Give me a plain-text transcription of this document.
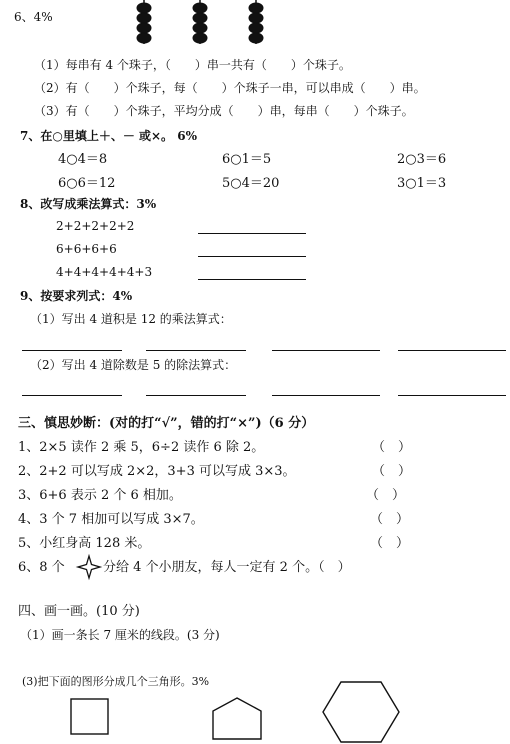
6、4%
（1）每串有 4 个珠子，（　　）串一共有（　　）个珠子。
（2）有（　　）个珠子，每（　　）个珠子一串，可以串成（　　）串。
（3）有（　　）个珠子，平均分成（　　）串，每串（　　）个珠子。
7、在○里填上＋、－ 或×。 6%
4○4＝8	6○1＝5	2○3＝6
6○6＝12	5○4＝20	3○1＝3
8、改写成乘法算式：3%
2+2+2+2+2
6+6+6+6
4+4+4+4+4+3
9、按要求列式：4%
（1）写出 4 道积是 12 的乘法算式：
（2）写出 4 道除数是 5 的除法算式：
三、慎思妙断：(对的打“√”，错的打“×”)（6 分）
1、2×5 读作 2 乘 5，6÷2 读作 6 除 2。	（　）
2、2+2 可以写成 2×2，3+3 可以写成 3×3。	（　）
3、6+6 表示 2 个 6 相加。	（　）
4、3 个 7 相加可以写成 3×7。	（　）
5、小红身高 128 米。	（　）
6、8 个	分给 4 个小朋友，每人一定有 2 个。（　）
四、画一画。(10 分)
（1）画一条长 7 厘米的线段。(3 分)
(3)把下面的图形分成几个三角形。3%
